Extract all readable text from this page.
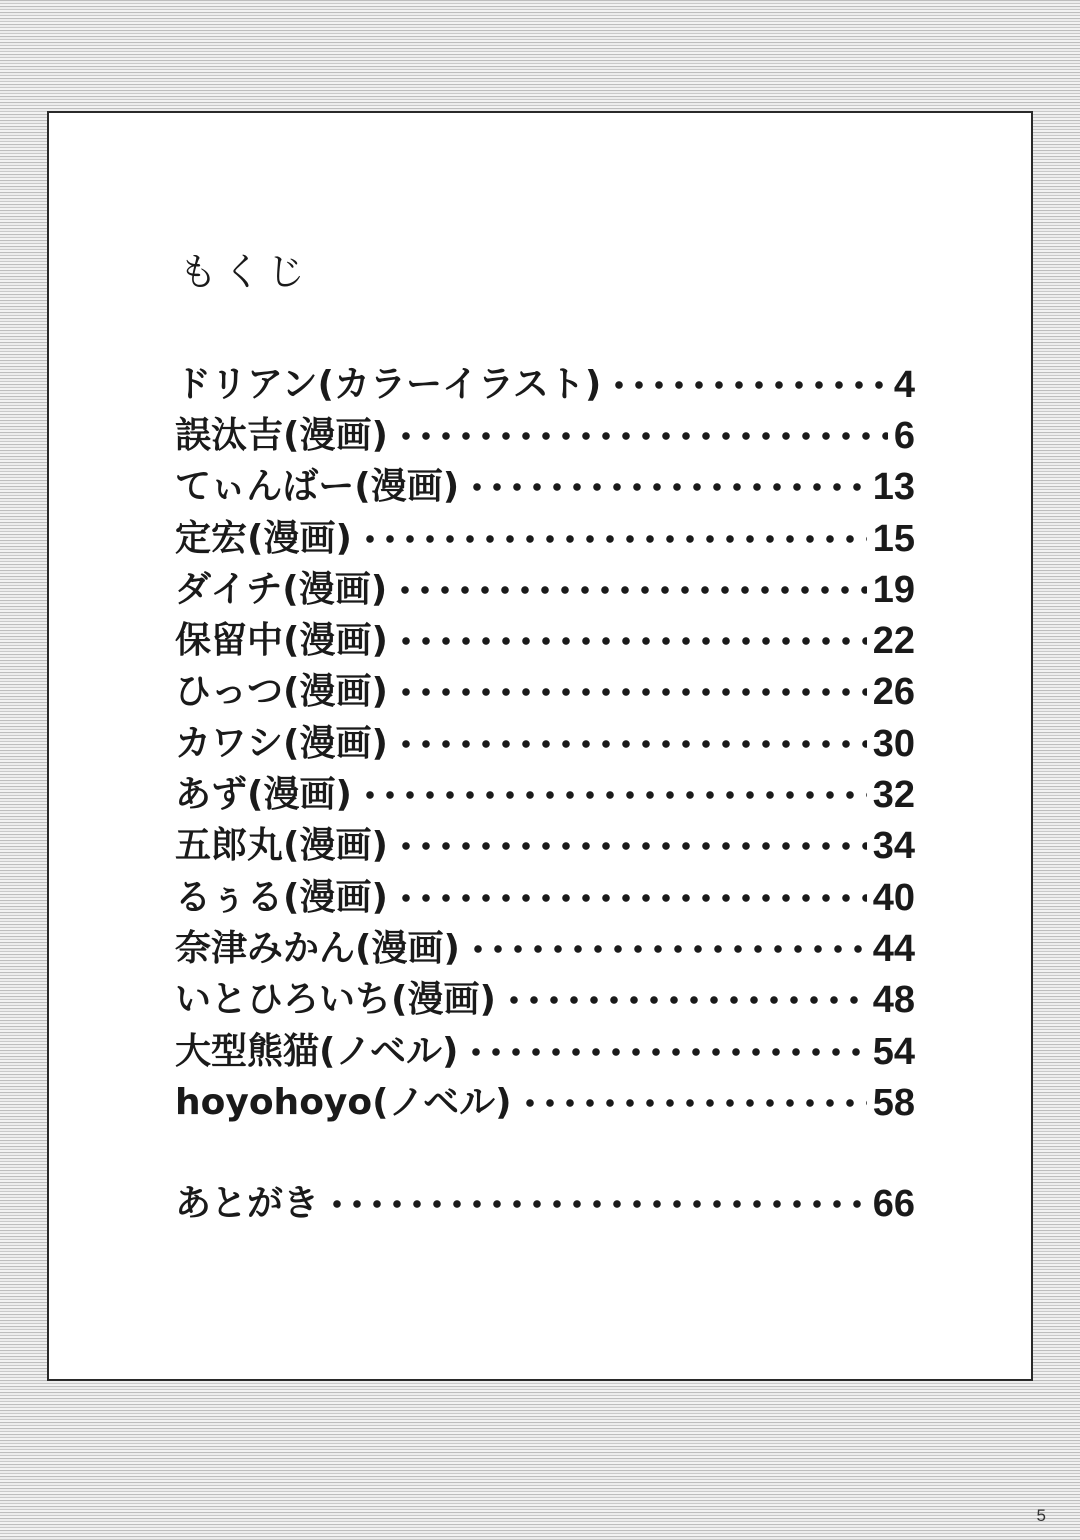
もくじ
ドリアン(カラーイラスト)	4
誤汰吉(漫画)	6
てぃんばー(漫画)	13
定宏(漫画)	15
ダイチ(漫画)	19
保留中(漫画)	22
ひっつ(漫画)	26
カワシ(漫画)	30
あず(漫画)	32
五郎丸(漫画)	34
るぅる(漫画)	40
奈津みかん(漫画)	44
いとひろいち(漫画)	48
大型熊猫(ノベル)	54
hoyohoyo(ノベル)	58
あとがき	66
5
